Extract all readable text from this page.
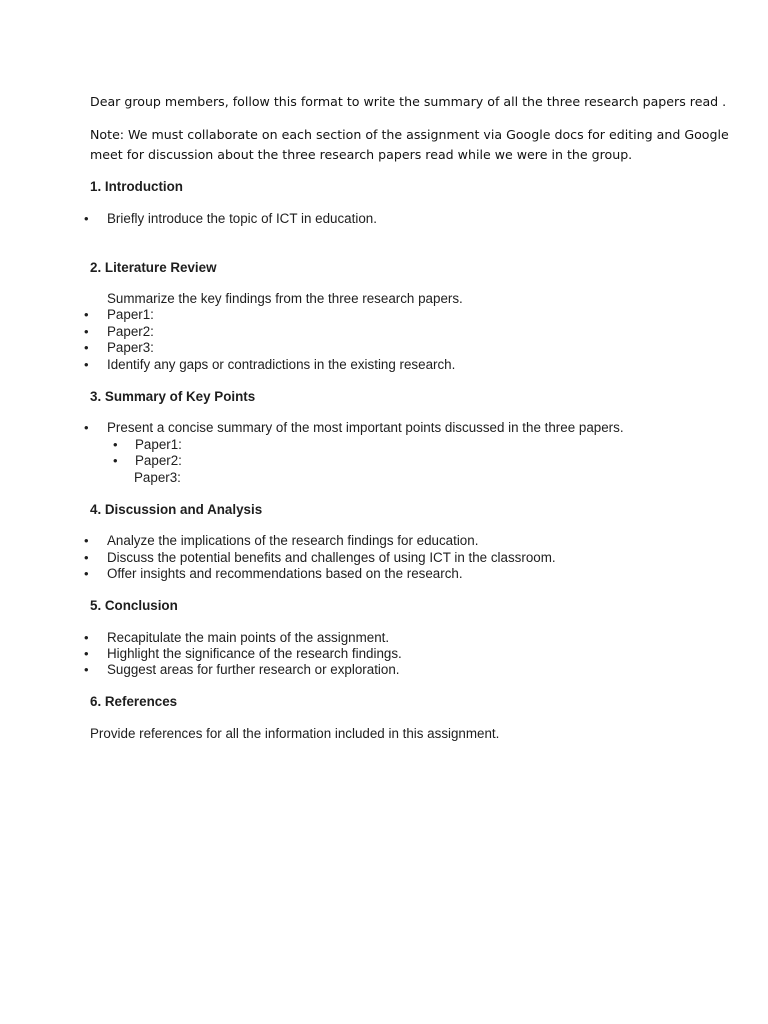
Dear group members, follow this format to write the summary of all the three research papers read .
Note: We must collaborate on each section of the assignment via Google docs for editing and Google
meet for discussion about the three research papers read while we were in the group.
1. Introduction
• Briefly introduce the topic of ICT in education.
2. Literature Review
Summarize the key findings from the three research papers.
• Paper1:
• Paper2:
• Paper3:
• Identify any gaps or contradictions in the existing research.
3. Summary of Key Points
• Present a concise summary of the most important points discussed in the three papers.
• Paper1:
• Paper2:
Paper3:
4. Discussion and Analysis
• Analyze the implications of the research findings for education.
• Discuss the potential benefits and challenges of using ICT in the classroom.
• Offer insights and recommendations based on the research.
5. Conclusion
• Recapitulate the main points of the assignment.
• Highlight the significance of the research findings.
• Suggest areas for further research or exploration.
6. References
Provide references for all the information included in this assignment.
